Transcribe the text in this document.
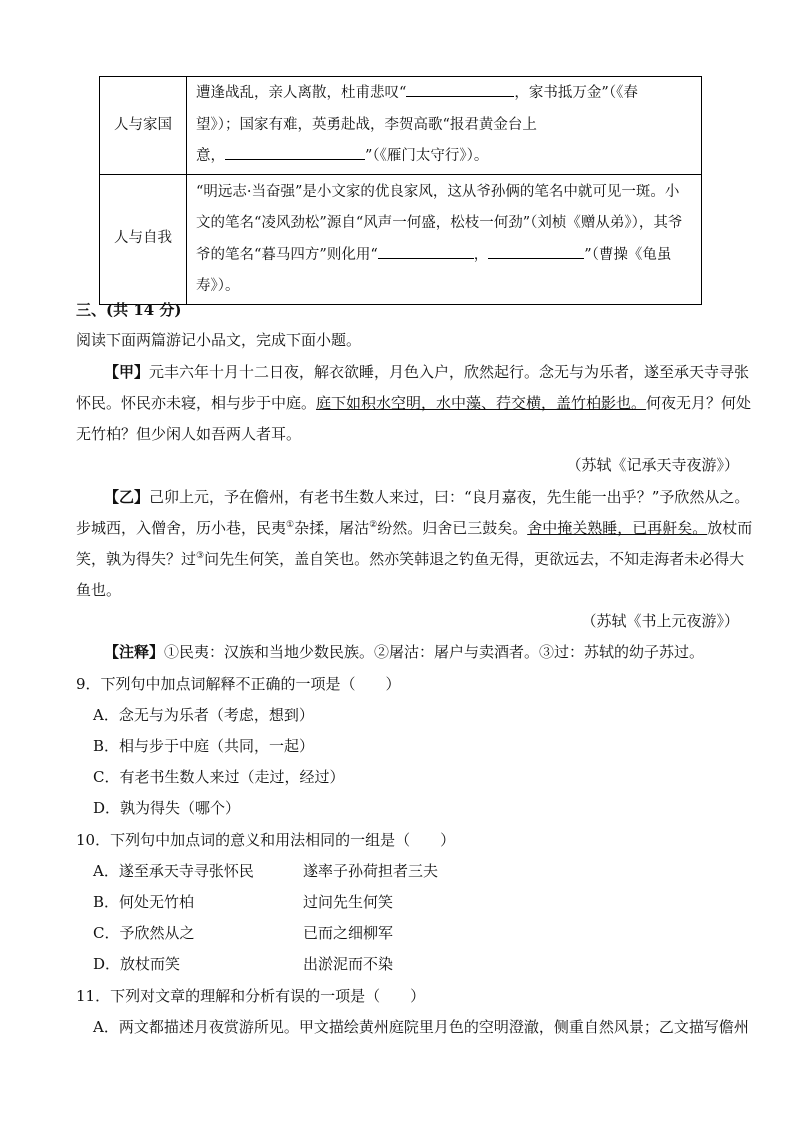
人与家国	遭逢战乱，亲人离散，杜甫悲叹“ ，家书抵万金”（《春
望》）；国家有难，英勇赴战，李贺高歌“报君黄金台上
意， ”（《雁门太守行》）。

人与自我	“明远志·当奋强”是小文家的优良家风，这从爷孙俩的笔名中就可见一斑。小
文的笔名“凌风劲松”源自“风声一何盛，松枝一何劲”（刘桢《赠从弟》），其爷
爷的笔名“暮马四方”则化用“ ， ”（曹操《龟虽
寿》）。
三、(共 14 分)
阅读下面两篇游记小品文，完成下面小题。
【甲】元丰六年十月十二日夜，解衣欲睡，月色入户，欣然起行。念无与为乐者，遂至承天寺寻张
怀民。怀民亦未寝，相与步于中庭。庭下如积水空明，水中藻、荇交横，盖竹柏影也。何夜无月？何处
无竹柏？但少闲人如吾两人者耳。
（苏轼《记承天寺夜游》）
【乙】己卯上元，予在儋州，有老书生数人来过，曰：“良月嘉夜，先生能一出乎？”予欣然从之。
步城西，入僧舍，历小巷，民夷①杂揉，屠沽②纷然。归舍已三鼓矣。舍中掩关熟睡，已再鼾矣。放杖而
笑，孰为得失？过③问先生何笑，盖自笑也。然亦笑韩退之钓鱼无得，更欲远去，不知走海者未必得大
鱼也。
（苏轼《书上元夜游》）
【注释】①民夷：汉族和当地少数民族。②屠沽：屠户与卖酒者。③过：苏轼的幼子苏过。
9．下列句中加点词解释不正确的一项是（　　）
A．念无与为乐者（考虑，想到）
B．相与步于中庭（共同，一起）
C．有老书生数人来过（走过，经过）
D．孰为得失（哪个）
10．下列句中加点词的意义和用法相同的一组是（　　）
A．遂至承天寺寻张怀民	遂率子孙荷担者三夫
B．何处无竹柏	过问先生何笑
C．予欣然从之	已而之细柳军
D．放杖而笑	出淤泥而不染
11．下列对文章的理解和分析有误的一项是（　　）
A．两文都描述月夜赏游所见。甲文描绘黄州庭院里月色的空明澄澈，侧重自然风景；乙文描写儋州
